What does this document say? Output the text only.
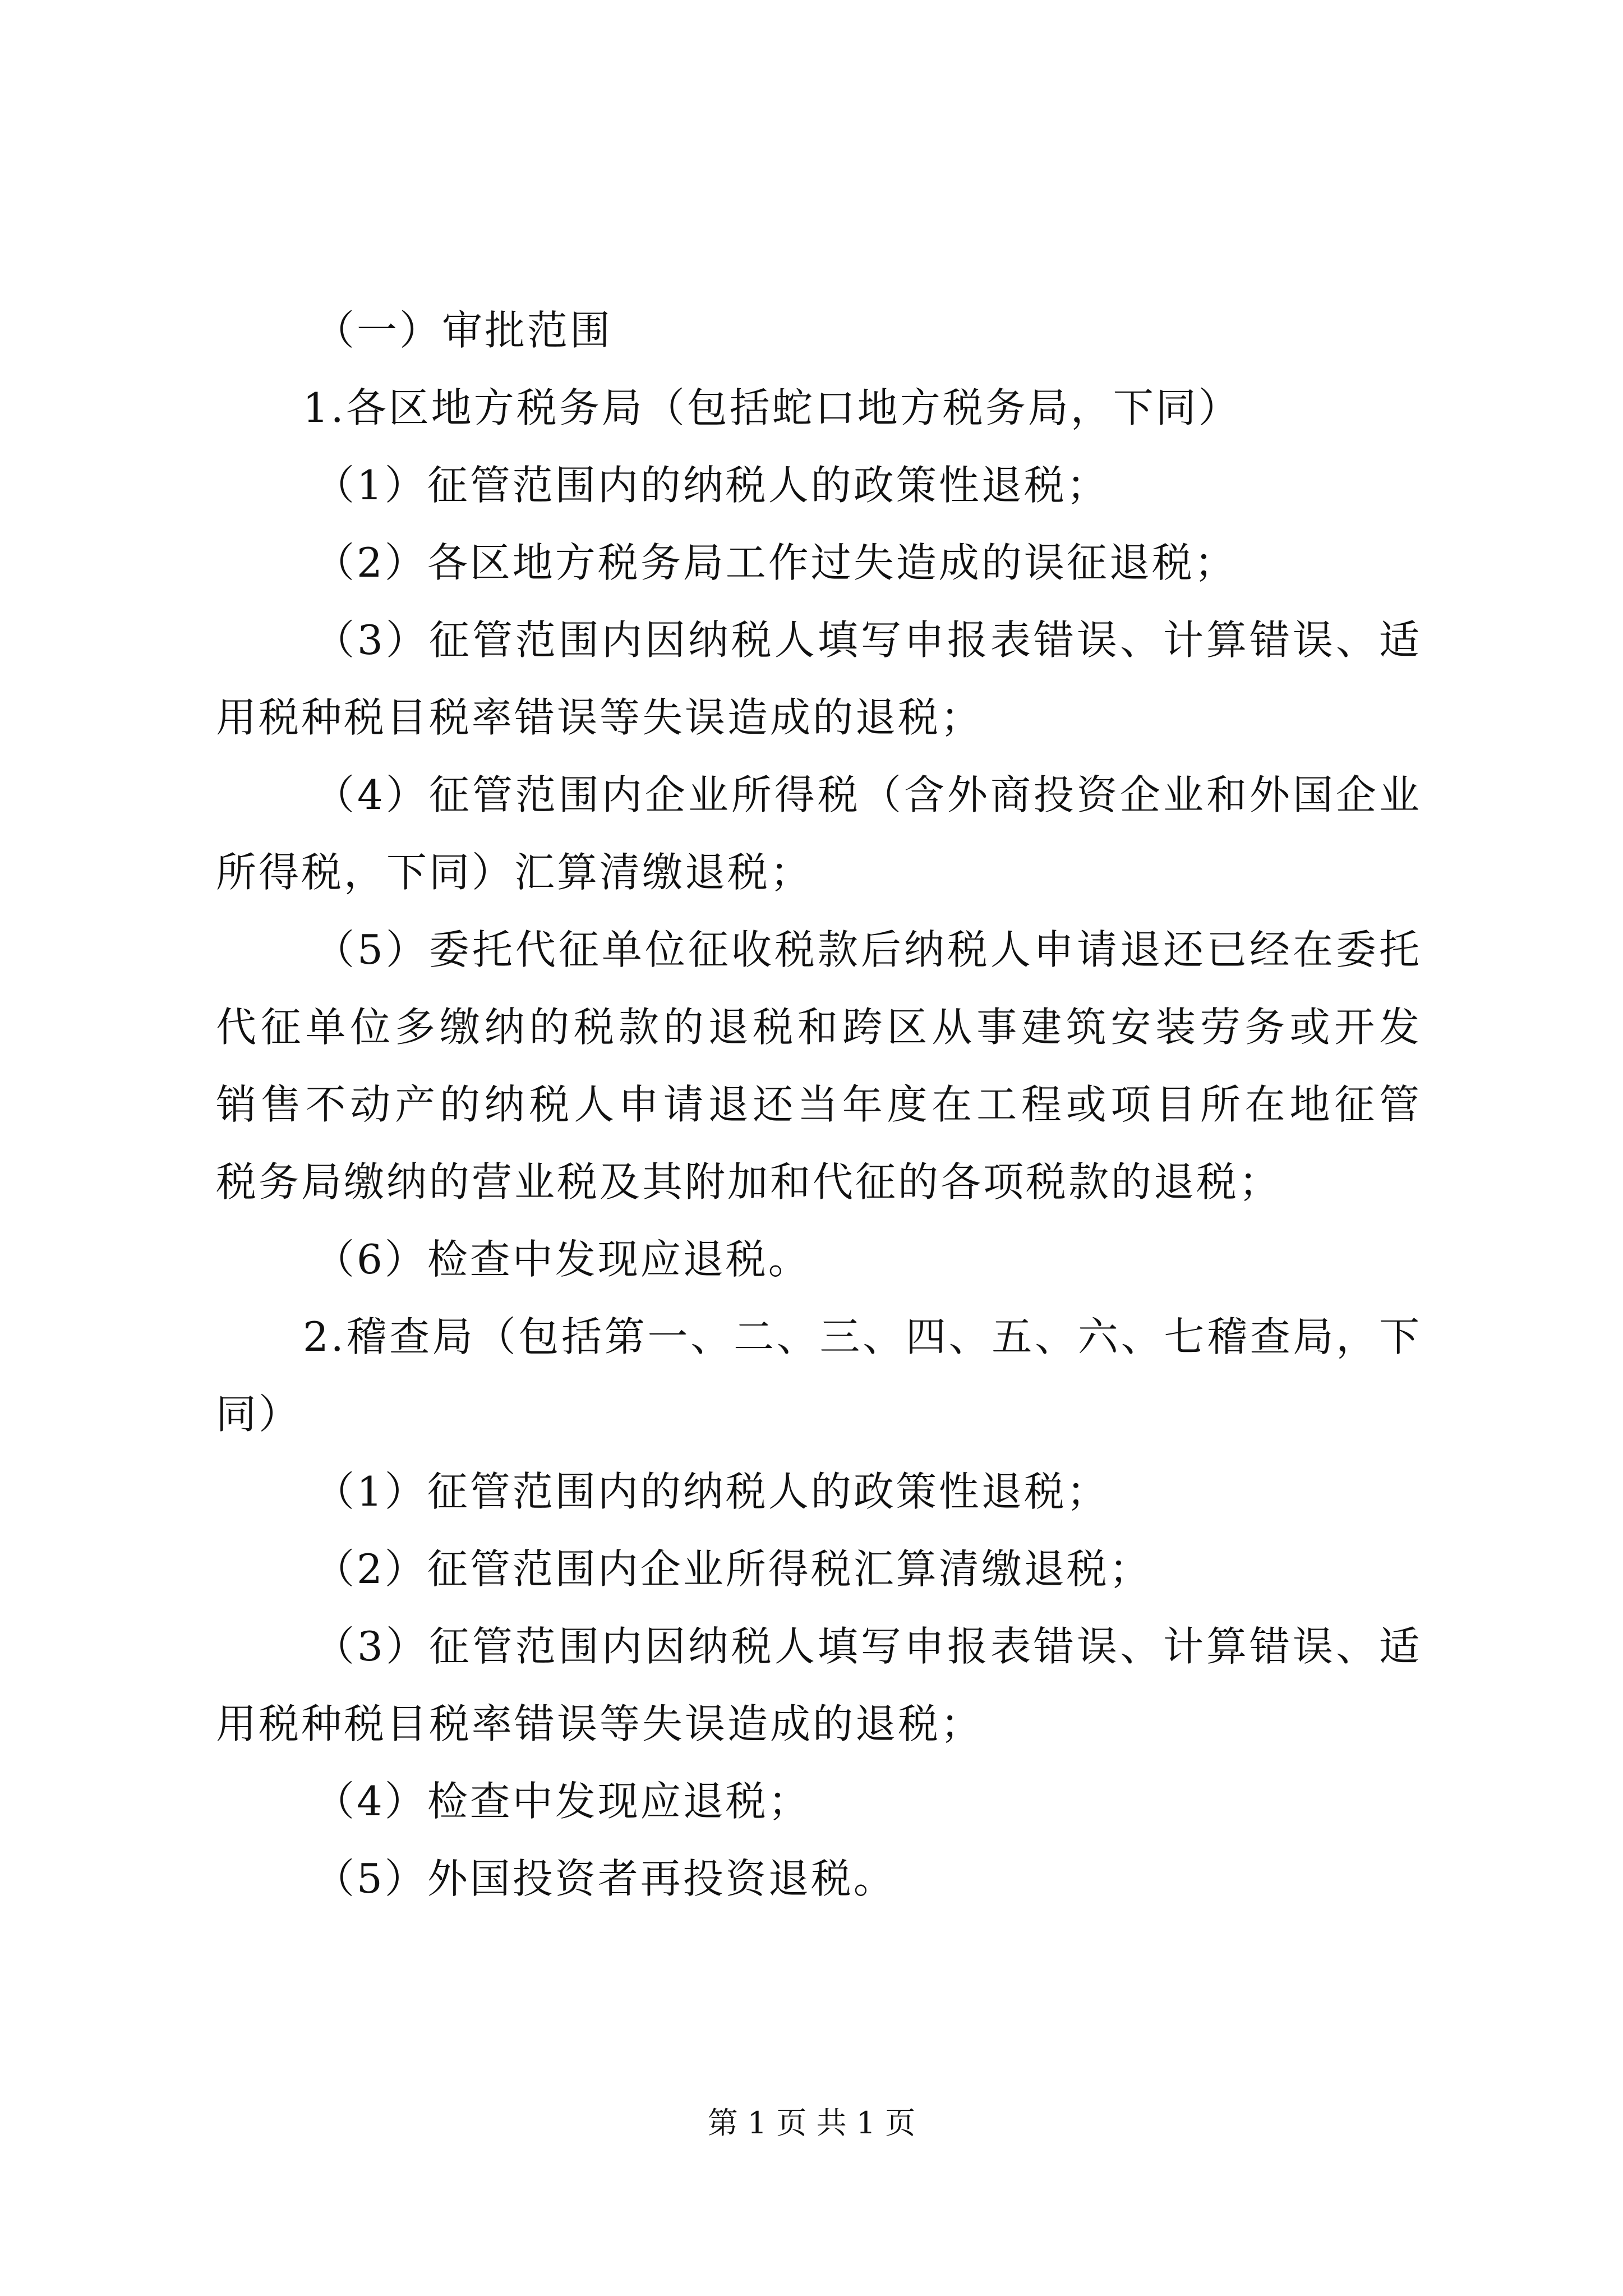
（一）审批范围
1.各区地方税务局（包括蛇口地方税务局，下同）
（1）征管范围内的纳税人的政策性退税；
（2）各区地方税务局工作过失造成的误征退税；
（3）征管范围内因纳税人填写申报表错误、计算错误、适
用税种税目税率错误等失误造成的退税；
（4）征管范围内企业所得税（含外商投资企业和外国企业
所得税，下同）汇算清缴退税；
（5）委托代征单位征收税款后纳税人申请退还已经在委托
代征单位多缴纳的税款的退税和跨区从事建筑安装劳务或开发
销售不动产的纳税人申请退还当年度在工程或项目所在地征管
税务局缴纳的营业税及其附加和代征的各项税款的退税；
（6）检查中发现应退税。
2.稽查局（包括第一、二、三、四、五、六、七稽查局，下
同）
（1）征管范围内的纳税人的政策性退税；
（2）征管范围内企业所得税汇算清缴退税；
（3）征管范围内因纳税人填写申报表错误、计算错误、适
用税种税目税率错误等失误造成的退税；
（4）检查中发现应退税；
（5）外国投资者再投资退税。
第 1 页 共 1 页
